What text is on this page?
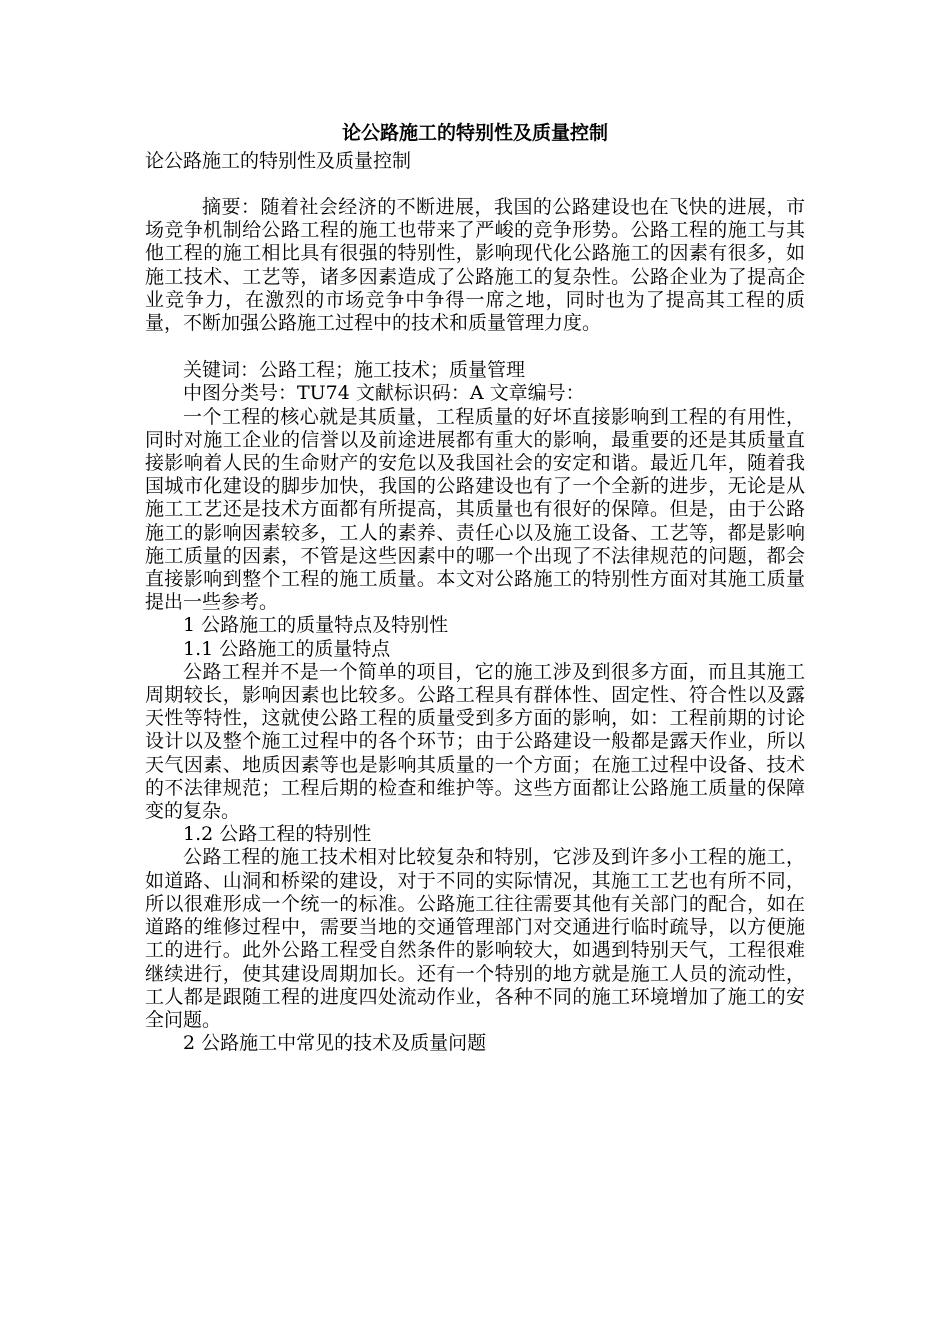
论公路施工的特别性及质量控制

论公路施工的特别性及质量控制

摘要：随着社会经济的不断进展，我国的公路建设也在飞快的进展，市场竞争机制给公路工程的施工也带来了严峻的竞争形势。公路工程的施工与其他工程的施工相比具有很强的特别性，影响现代化公路施工的因素有很多，如施工技术、工艺等，诸多因素造成了公路施工的复杂性。公路企业为了提高企业竞争力，在激烈的市场竞争中争得一席之地，同时也为了提高其工程的质量，不断加强公路施工过程中的技术和质量管理力度。

关键词：公路工程；施工技术；质量管理

中图分类号：TU74 文献标识码：A 文章编号：

一个工程的核心就是其质量，工程质量的好坏直接影响到工程的有用性，同时对施工企业的信誉以及前途进展都有重大的影响，最重要的还是其质量直接影响着人民的生命财产的安危以及我国社会的安定和谐。最近几年，随着我国城市化建设的脚步加快，我国的公路建设也有了一个全新的进步，无论是从施工工艺还是技术方面都有所提高，其质量也有很好的保障。但是，由于公路施工的影响因素较多，工人的素养、责任心以及施工设备、工艺等，都是影响施工质量的因素，不管是这些因素中的哪一个出现了不法律规范的问题，都会直接影响到整个工程的施工质量。本文对公路施工的特别性方面对其施工质量提出一些参考。

1 公路施工的质量特点及特别性

1.1 公路施工的质量特点

公路工程并不是一个简单的项目，它的施工涉及到很多方面，而且其施工周期较长，影响因素也比较多。公路工程具有群体性、固定性、符合性以及露天性等特性，这就使公路工程的质量受到多方面的影响，如：工程前期的讨论设计以及整个施工过程中的各个环节；由于公路建设一般都是露天作业，所以天气因素、地质因素等也是影响其质量的一个方面；在施工过程中设备、技术的不法律规范；工程后期的检查和维护等。这些方面都让公路施工质量的保障变的复杂。

1.2 公路工程的特别性

公路工程的施工技术相对比较复杂和特别，它涉及到许多小工程的施工，如道路、山洞和桥梁的建设，对于不同的实际情况，其施工工艺也有所不同，所以很难形成一个统一的标准。公路施工往往需要其他有关部门的配合，如在道路的维修过程中，需要当地的交通管理部门对交通进行临时疏导，以方便施工的进行。此外公路工程受自然条件的影响较大，如遇到特别天气，工程很难继续进行，使其建设周期加长。还有一个特别的地方就是施工人员的流动性，工人都是跟随工程的进度四处流动作业，各种不同的施工环境增加了施工的安全问题。

2 公路施工中常见的技术及质量问题
